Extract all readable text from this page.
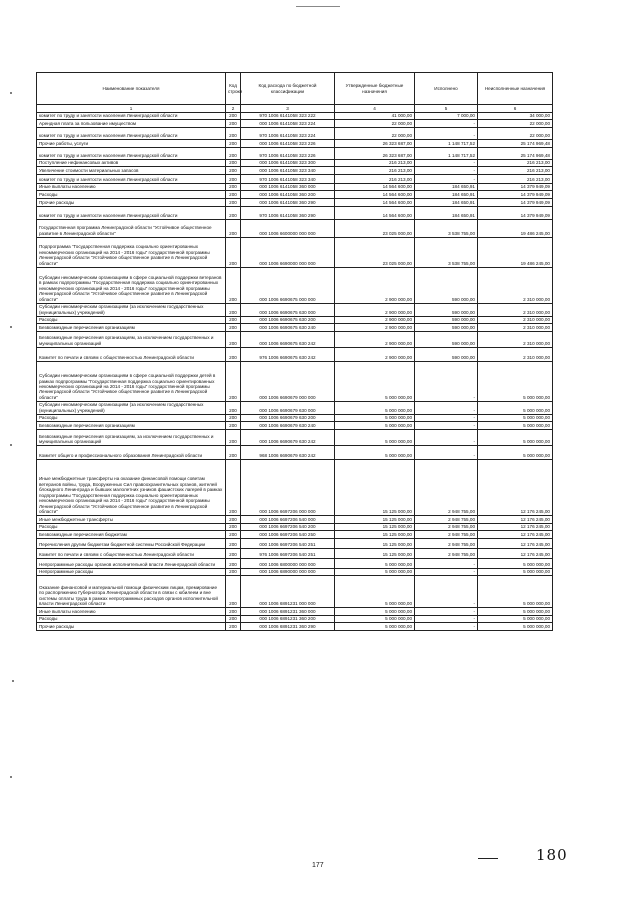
Наименование показателя	Код строки	Код расхода по бюджетной классификации	Утвержденные бюджетные назначения	Исполнено	Неисполненные назначения
1	2	3	4	5	6
комитет по труду и занятости населения Ленинградской области	200	970 1006 6141058 323 222	41 000,00	7 000,00	34 000,00
Арендная плата за пользование имуществом	200	000 1006 6141058 323 224	22 000,00	-	22 000,00
комитет по труду и занятости населения Ленинградской области	200	970 1006 6141058 323 224	22 000,00	-	22 000,00
Прочие работы, услуги	200	000 1006 6141058 323 226	26 323 687,00	1 148 717,52	25 174 969,48
комитет по труду и занятости населения Ленинградской области	200	970 1006 6141058 323 226	26 323 687,00	1 148 717,52	25 174 969,48
Поступление нефинансовых активов	200	000 1006 6141058 323 300	216 213,00	-	216 213,00
Увеличение стоимости материальных запасов	200	000 1006 6141058 323 340	216 213,00	-	216 213,00
комитет по труду и занятости населения Ленинградской области	200	970 1006 6141058 323 340	216 213,00	-	216 213,00
Иные выплаты населению	200	000 1006 6141058 360 000	14 564 600,00	184 650,91	14 379 949,09
Расходы	200	000 1006 6141058 360 200	14 564 600,00	184 650,91	14 379 949,09
Прочие расходы	200	000 1006 6141058 360 290	14 564 600,00	184 650,91	14 379 949,09
комитет по труду и занятости населения Ленинградской области	200	970 1006 6141058 360 290	14 564 600,00	184 650,91	14 379 949,09
Государственная программа Ленинградской области "Устойчивое общественное развитие в Ленинградской области"	200	000 1006 6600000 000 000	23 025 000,00	3 538 755,00	19 486 245,00
Подпрограмма "Государственная поддержка социально ориентированных некоммерческих организаций на 2014 - 2016 годы" государственной программы Ленинградской области "Устойчивое общественное развитие в Ленинградской области"	200	000 1006 6690000 000 000	23 025 000,00	3 538 755,00	19 486 245,00
Субсидии некоммерческим организациям в сфере социальной поддержки ветеранов в рамках подпрограммы "Государственная поддержка социально ориентированных некоммерческих организаций на 2014 - 2016 годы" государственной программы Ленинградской области "Устойчивое общественное развитие в Ленинградской области"	200	000 1006 6690675 000 000	2 900 000,00	590 000,00	2 310 000,00
Субсидии некоммерческим организациям (за исключением государственных (муниципальных) учреждений)	200	000 1006 6690675 630 000	2 900 000,00	590 000,00	2 310 000,00
Расходы	200	000 1006 6690675 630 200	2 900 000,00	590 000,00	2 310 000,00
Безвозмездные перечисления организациям	200	000 1006 6690675 630 240	2 900 000,00	590 000,00	2 310 000,00
Безвозмездные перечисления организациям, за исключением государственных и муниципальных организаций	200	000 1006 6690675 630 242	2 900 000,00	590 000,00	2 310 000,00
Комитет по печати и связям с общественностью Ленинградской области	200	976 1006 6690675 630 242	2 900 000,00	590 000,00	2 310 000,00
Субсидии некоммерческим организациям в сфере социальной поддержки детей в рамках подпрограммы "Государственная поддержка социально ориентированных некоммерческих организаций на 2014 - 2016 годы" государственной программы Ленинградской области "Устойчивое общественное развитие в Ленинградской области"	200	000 1006 6690679 000 000	5 000 000,00	-	5 000 000,00
Субсидии некоммерческим организациям (за исключением государственных (муниципальных) учреждений)	200	000 1006 6690679 630 000	5 000 000,00	-	5 000 000,00
Расходы	200	000 1006 6690679 630 200	5 000 000,00	-	5 000 000,00
Безвозмездные перечисления организациям	200	000 1006 6690679 630 240	5 000 000,00	-	5 000 000,00
Безвозмездные перечисления организациям, за исключением государственных и муниципальных организаций	200	000 1006 6690679 630 242	5 000 000,00	-	5 000 000,00
Комитет общего и профессионального образования Ленинградской области	200	968 1006 6690679 630 242	5 000 000,00	-	5 000 000,00
Иные межбюджетные трансферты на оказание финансовой помощи советам ветеранов войны, труда, Вооруженных Сил правоохранительных органов, жителей блокадного Ленинграда и бывших малолетних узников фашистских лагерей в рамках подпрограммы "Государственная поддержка социально ориентированных некоммерческих организаций на 2014 - 2016 годы" государственной программы Ленинградской области "Устойчивое общественное развитие в Ленинградской области"	200	000 1006 6697206 000 000	15 125 000,00	2 948 755,00	12 176 245,00
Иные межбюджетные трансферты	200	000 1006 6697206 540 000	15 125 000,00	2 948 755,00	12 176 245,00
Расходы	200	000 1006 6697206 540 200	15 125 000,00	2 948 755,00	12 176 245,00
Безвозмездные перечисления бюджетам	200	000 1006 6697206 540 250	15 125 000,00	2 948 755,00	12 176 245,00
Перечисления другим бюджетам бюджетной системы Российской Федерации	200	000 1006 6697206 540 251	15 125 000,00	2 948 755,00	12 176 245,00
Комитет по печати и связям с общественностью Ленинградской области	200	976 1006 6697206 540 251	15 125 000,00	2 948 755,00	12 176 245,00
Непрограммные расходы органов исполнительной власти Ленинградской области	200	000 1006 6800000 000 000	5 000 000,00	-	5 000 000,00
Непрограммные расходы	200	000 1006 6890000 000 000	5 000 000,00	-	5 000 000,00
Оказание финансовой и материальной помощи физическим лицам, премирование по распоряжению Губернатора Ленинградской области в связи с юбилеем и вне системы оплаты труда в рамках непрограммных расходов органов исполнительной власти Ленинградской области	200	000 1006 6891231 000 000	5 000 000,00	-	5 000 000,00
Иные выплаты населению	200	000 1006 6891231 360 000	5 000 000,00	-	5 000 000,00
Расходы	200	000 1006 6891231 360 200	5 000 000,00	-	5 000 000,00
Прочие расходы	200	000 1006 6891231 360 290	5 000 000,00	-	5 000 000,00
177
180
